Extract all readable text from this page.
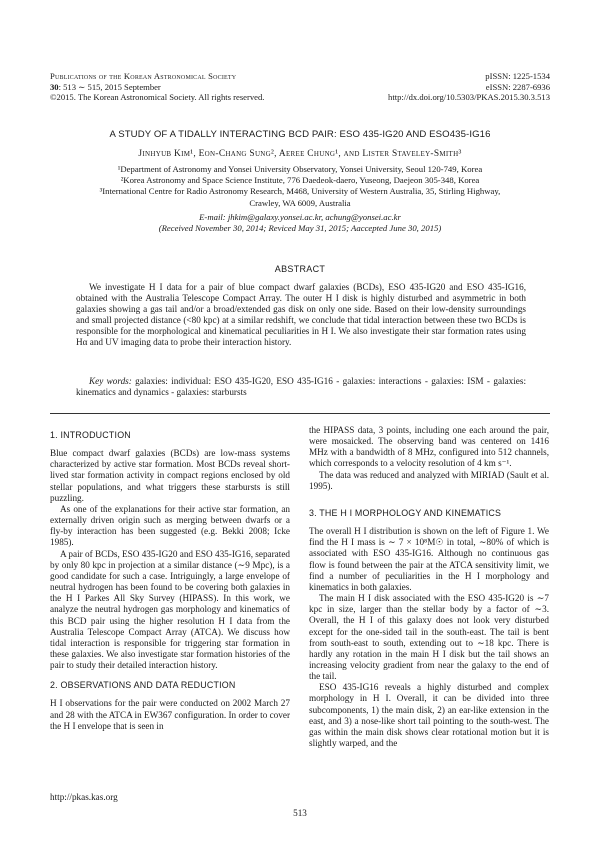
Publications of the Korean Astronomical Society
30: 513 ∼ 515, 2015 September
©2015. The Korean Astronomical Society. All rights reserved.
pISSN: 1225-1534
eISSN: 2287-6936
http://dx.doi.org/10.5303/PKAS.2015.30.3.513
A STUDY OF A TIDALLY INTERACTING BCD PAIR: ESO 435-IG20 AND ESO435-IG16
Jinhyub Kim¹, Eon-Chang Sung², Aeree Chung¹, and Lister Staveley-Smith³
¹Department of Astronomy and Yonsei University Observatory, Yonsei University, Seoul 120-749, Korea
²Korea Astronomy and Space Science Institute, 776 Daedeok-daero, Yuseong, Daejeon 305-348, Korea
³International Centre for Radio Astronomy Research, M468, University of Western Australia, 35, Stirling Highway,
Crawley, WA 6009, Australia
E-mail: jhkim@galaxy.yonsei.ac.kr, achung@yonsei.ac.kr
(Received November 30, 2014; Reviced May 31, 2015; Aaccepted June 30, 2015)
ABSTRACT

We investigate H I data for a pair of blue compact dwarf galaxies (BCDs), ESO 435-IG20 and ESO 435-IG16, obtained with the Australia Telescope Compact Array. The outer H I disk is highly disturbed and asymmetric in both galaxies showing a gas tail and/or a broad/extended gas disk on only one side. Based on their low-density surroundings and small projected distance (<80 kpc) at a similar redshift, we conclude that tidal interaction between these two BCDs is responsible for the morphological and kinematical peculiarities in H I. We also investigate their star formation rates using Hα and UV imaging data to probe their interaction history.

Key words: galaxies: individual: ESO 435-IG20, ESO 435-IG16 - galaxies: interactions - galaxies: ISM - galaxies: kinematics and dynamics - galaxies: starbursts

1. INTRODUCTION

Blue compact dwarf galaxies (BCDs) are low-mass systems characterized by active star formation. Most BCDs reveal short-lived star formation activity in compact regions enclosed by old stellar populations, and what triggers these starbursts is still puzzling.

As one of the explanations for their active star formation, an externally driven origin such as merging between dwarfs or a fly-by interaction has been suggested (e.g. Bekki 2008; Icke 1985).

A pair of BCDs, ESO 435-IG20 and ESO 435-IG16, separated by only 80 kpc in projection at a similar distance (∼9 Mpc), is a good candidate for such a case. Intriguingly, a large envelope of neutral hydrogen has been found to be covering both galaxies in the H I Parkes All Sky Survey (HIPASS). In this work, we analyze the neutral hydrogen gas morphology and kinematics of this BCD pair using the higher resolution H I data from the Australia Telescope Compact Array (ATCA). We discuss how tidal interaction is responsible for triggering star formation in these galaxies. We also investigate star formation histories of the pair to study their detailed interaction history.

2. OBSERVATIONS AND DATA REDUCTION

H I observations for the pair were conducted on 2002 March 27 and 28 with the ATCA in EW367 configuration. In order to cover the H I envelope that is seen in

the HIPASS data, 3 points, including one each around the pair, were mosaicked. The observing band was centered on 1416 MHz with a bandwidth of 8 MHz, configured into 512 channels, which corresponds to a velocity resolution of 4 km s⁻¹.

The data was reduced and analyzed with MIRIAD (Sault et al. 1995).

3. THE H I MORPHOLOGY AND KINEMATICS

The overall H I distribution is shown on the left of Figure 1. We find the H I mass is ∼ 7 × 10⁸M☉ in total, ∼80% of which is associated with ESO 435-IG16. Although no continuous gas flow is found between the pair at the ATCA sensitivity limit, we find a number of peculiarities in the H I morphology and kinematics in both galaxies.

The main H I disk associated with the ESO 435-IG20 is ∼7 kpc in size, larger than the stellar body by a factor of ∼3. Overall, the H I of this galaxy does not look very disturbed except for the one-sided tail in the south-east. The tail is bent from south-east to south, extending out to ∼18 kpc. There is hardly any rotation in the main H I disk but the tail shows an increasing velocity gradient from near the galaxy to the end of the tail.

ESO 435-IG16 reveals a highly disturbed and complex morphology in H I. Overall, it can be divided into three subcomponents, 1) the main disk, 2) an ear-like extension in the east, and 3) a nose-like short tail pointing to the south-west. The gas within the main disk shows clear rotational motion but it is slightly warped, and the

http://pkas.kas.org
513
